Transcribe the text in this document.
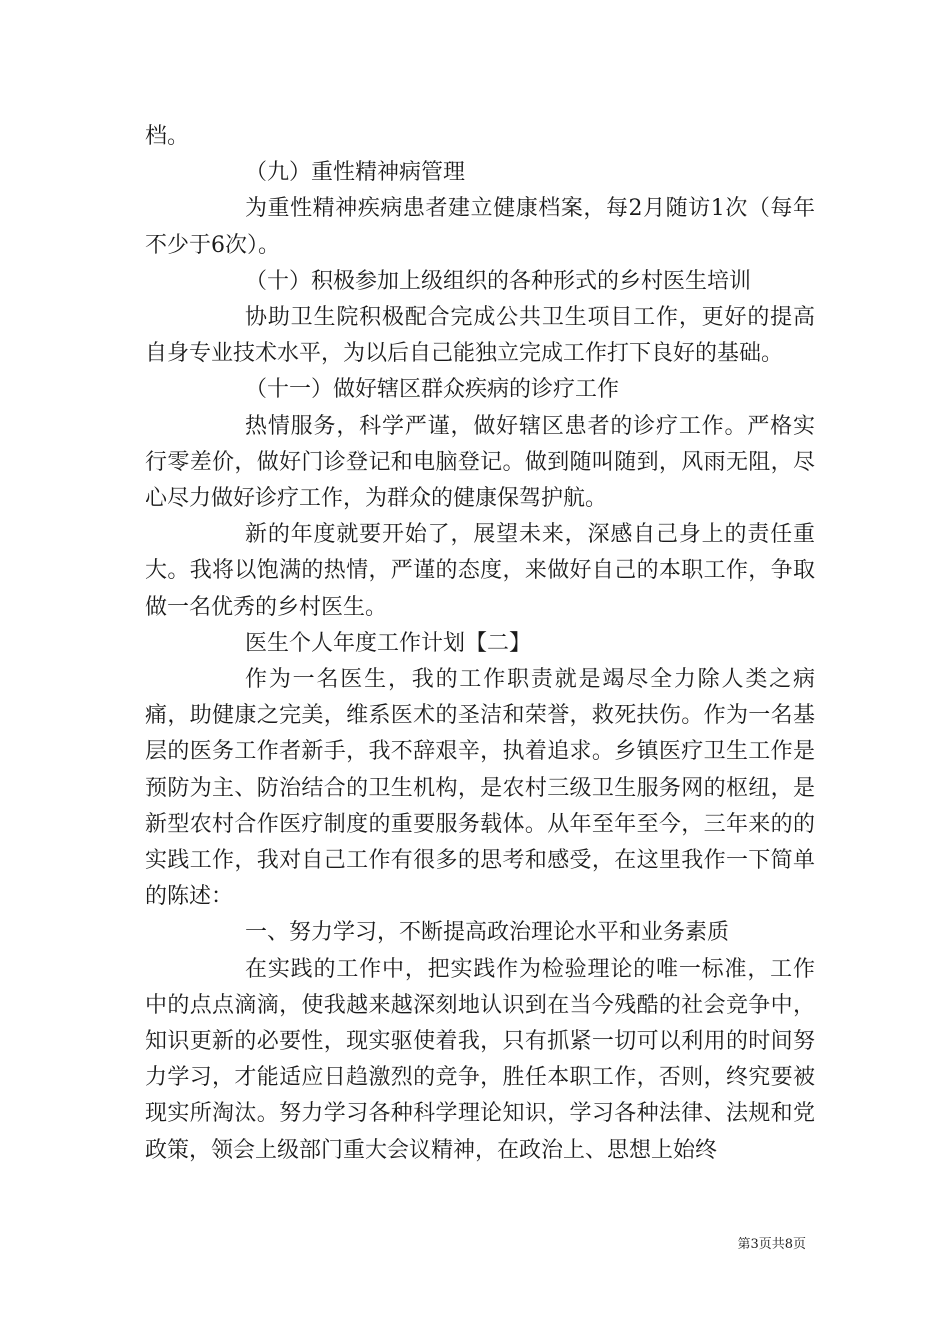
档。

（九）重性精神病管理

为重性精神疾病患者建立健康档案，每2月随访1次（每年不少于6次）。

（十）积极参加上级组织的各种形式的乡村医生培训

协助卫生院积极配合完成公共卫生项目工作，更好的提高自身专业技术水平，为以后自己能独立完成工作打下良好的基础。

（十一）做好辖区群众疾病的诊疗工作

热情服务，科学严谨，做好辖区患者的诊疗工作。严格实行零差价，做好门诊登记和电脑登记。做到随叫随到，风雨无阻，尽心尽力做好诊疗工作，为群众的健康保驾护航。

新的年度就要开始了，展望未来，深感自己身上的责任重大。我将以饱满的热情，严谨的态度，来做好自己的本职工作，争取做一名优秀的乡村医生。

医生个人年度工作计划【二】

作为一名医生，我的工作职责就是竭尽全力除人类之病痛，助健康之完美，维系医术的圣洁和荣誉，救死扶伤。作为一名基层的医务工作者新手，我不辞艰辛，执着追求。乡镇医疗卫生工作是预防为主、防治结合的卫生机构，是农村三级卫生服务网的枢纽，是新型农村合作医疗制度的重要服务载体。从年至年至今，三年来的的实践工作，我对自己工作有很多的思考和感受，在这里我作一下简单的陈述：

一、努力学习，不断提高政治理论水平和业务素质

在实践的工作中，把实践作为检验理论的唯一标准，工作中的点点滴滴，使我越来越深刻地认识到在当今残酷的社会竞争中，知识更新的必要性，现实驱使着我，只有抓紧一切可以利用的时间努力学习，才能适应日趋激烈的竞争，胜任本职工作，否则，终究要被现实所淘汰。努力学习各种科学理论知识，学习各种法律、法规和党政策，领会上级部门重大会议精神，在政治上、思想上始终

第3页共8页
